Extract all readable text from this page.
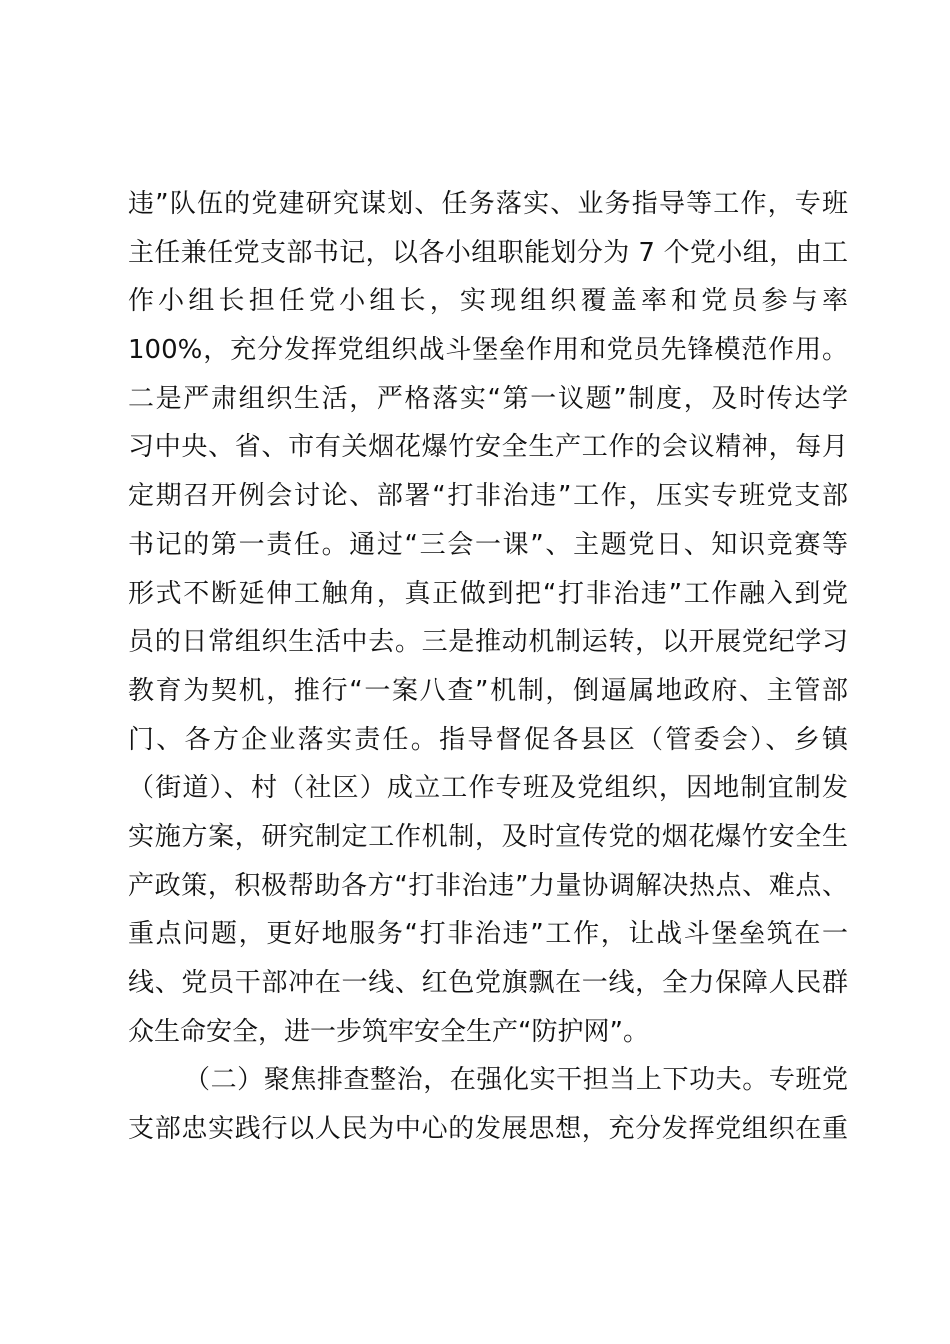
违”队伍的党建研究谋划、任务落实、业务指导等工作，专班
主任兼任党支部书记，以各小组职能划分为 7 个党小组，由工
作小组长担任党小组长，实现组织覆盖率和党员参与率
100%，充分发挥党组织战斗堡垒作用和党员先锋模范作用。
二是严肃组织生活，严格落实“第一议题”制度，及时传达学
习中央、省、市有关烟花爆竹安全生产工作的会议精神，每月
定期召开例会讨论、部署“打非治违”工作，压实专班党支部
书记的第一责任。通过“三会一课”、主题党日、知识竞赛等
形式不断延伸工触角，真正做到把“打非治违”工作融入到党
员的日常组织生活中去。三是推动机制运转，以开展党纪学习
教育为契机，推行“一案八查”机制，倒逼属地政府、主管部
门、各方企业落实责任。指导督促各县区（管委会）、乡镇
（街道）、村（社区）成立工作专班及党组织，因地制宜制发
实施方案，研究制定工作机制，及时宣传党的烟花爆竹安全生
产政策，积极帮助各方“打非治违”力量协调解决热点、难点、
重点问题，更好地服务“打非治违”工作，让战斗堡垒筑在一
线、党员干部冲在一线、红色党旗飘在一线，全力保障人民群
众生命安全，进一步筑牢安全生产“防护网”。
（二）聚焦排查整治，在强化实干担当上下功夫。专班党
支部忠实践行以人民为中心的发展思想，充分发挥党组织在重
